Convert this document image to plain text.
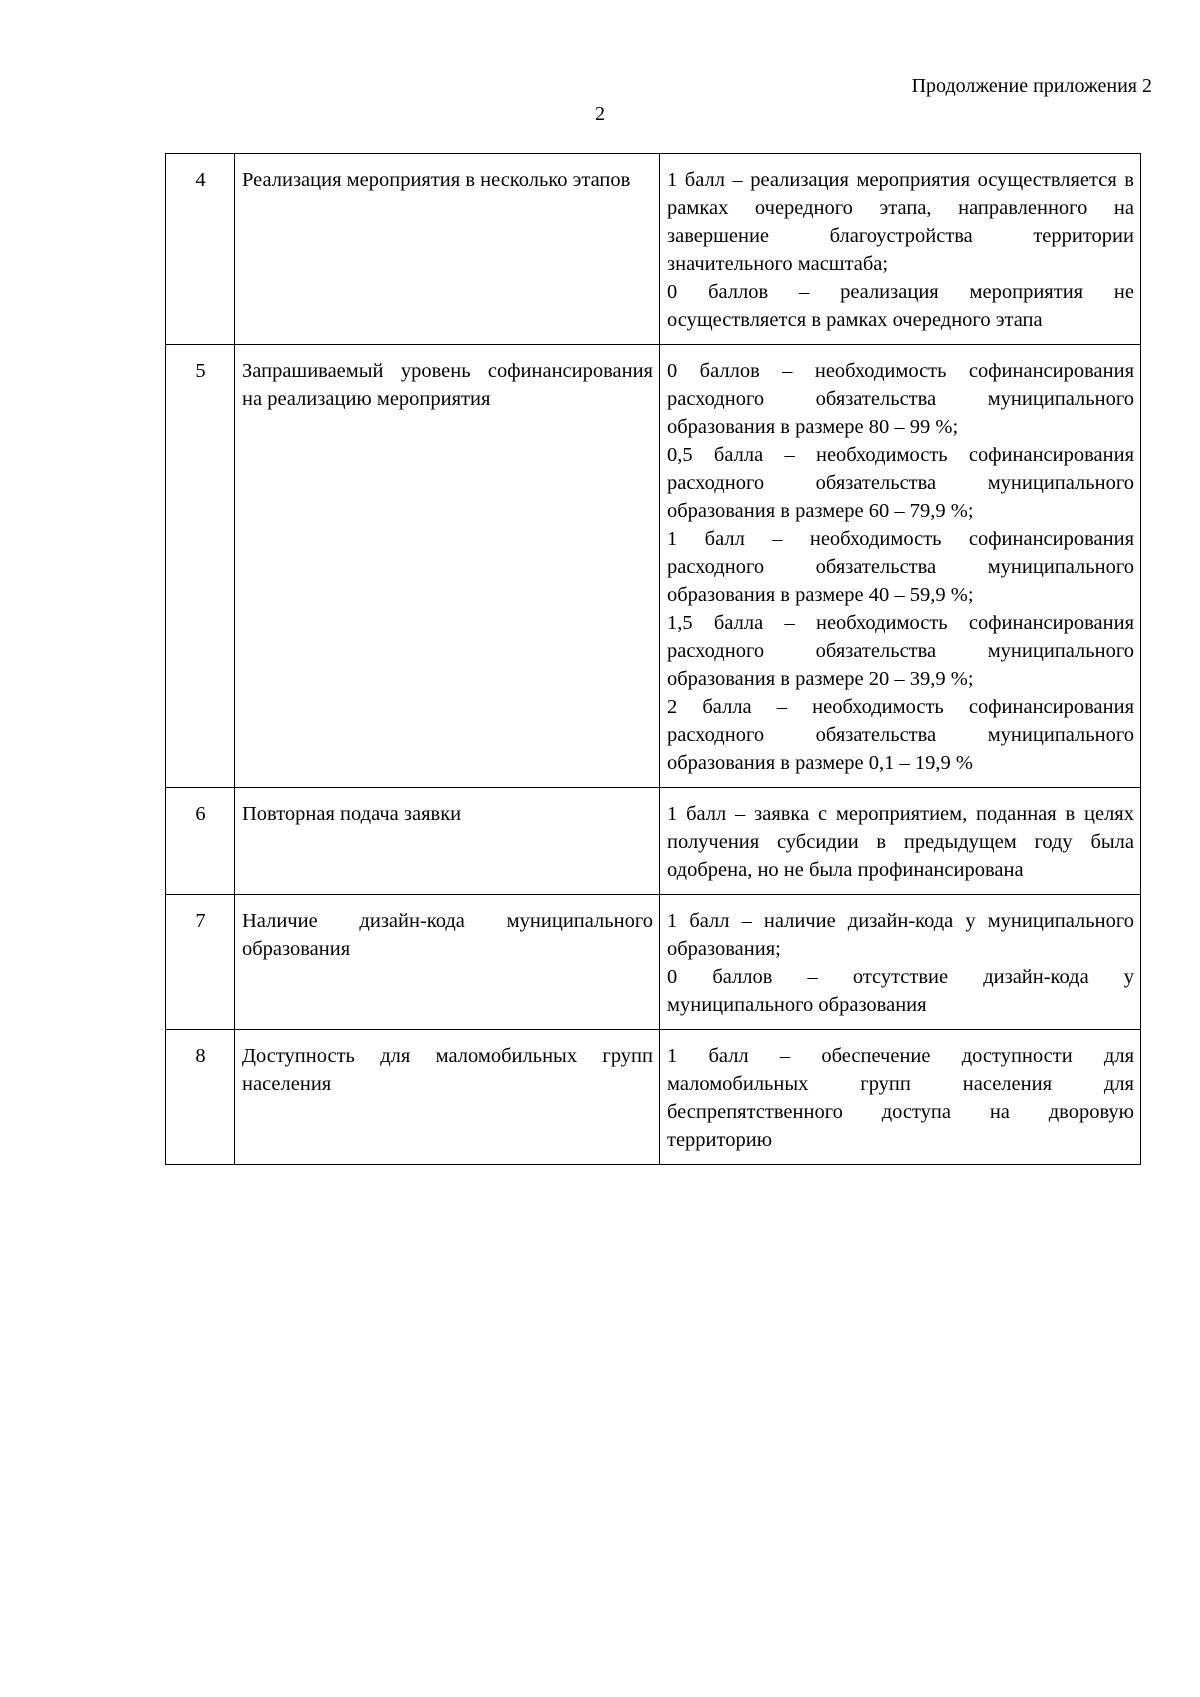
Продолжение приложения 2
2
4	Реализация мероприятия в несколько этапов	1 балл – реализация мероприятия осуществляется в рамках очередного этапа, направленного на завершение благоустройства территории значительного масштаба;
0 баллов – реализация мероприятия не осуществляется в рамках очередного этапа

5	Запрашиваемый уровень софинансирования на реализацию мероприятия	0 баллов – необходимость софинансирования расходного обязательства муниципального образования в размере 80 – 99 %;
0,5 балла – необходимость софинансирования расходного обязательства муниципального образования в размере 60 – 79,9 %;
1 балл – необходимость софинансирования расходного обязательства муниципального образования в размере 40 – 59,9 %;
1,5 балла – необходимость софинансирования расходного обязательства муниципального образования в размере 20 – 39,9 %;
2 балла – необходимость софинансирования расходного обязательства муниципального образования в размере 0,1 – 19,9 %

6	Повторная подача заявки	1 балл – заявка с мероприятием, поданная в целях получения субсидии в предыдущем году была одобрена, но не была профинансирована

7	Наличие дизайн-кода муниципального образования	1 балл – наличие дизайн-кода у муниципального образования;
0 баллов – отсутствие дизайн-кода у муниципального образования

8	Доступность для маломобильных групп населения	1 балл – обеспечение доступности для маломобильных групп населения для беспрепятственного доступа на дворовую территорию
